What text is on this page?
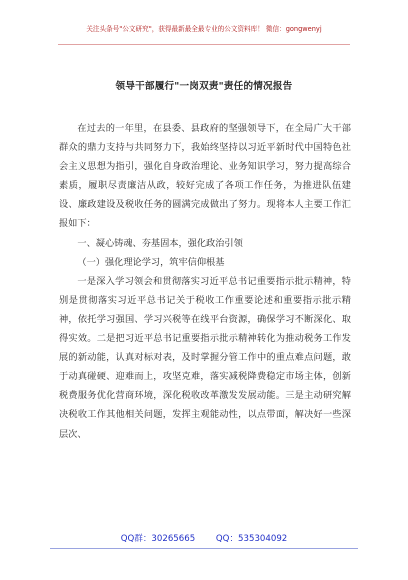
关注头条号"公文研究"，获得最新最全最专业的公文资料库！ 微信：gongwenyj
领导干部履行"一岗双责"责任的情况报告

在过去的一年里，在县委、县政府的坚强领导下，在全局广大干部群众的鼎力支持与共同努力下，我始终坚持以习近平新时代中国特色社会主义思想为指引，强化自身政治理论、业务知识学习，努力提高综合素质，履职尽责廉洁从政，较好完成了各项工作任务，为推进队伍建设、廉政建设及税收任务的圆满完成做出了努力。现将本人主要工作汇报如下：

一、凝心铸魂、夯基固本，强化政治引领

（一）强化理论学习，筑牢信仰根基

一是深入学习领会和贯彻落实习近平总书记重要指示批示精神，特别是贯彻落实习近平总书记关于税收工作重要论述和重要指示批示精神，依托学习强国、学习兴税等在线平台资源，确保学习不断深化、取得实效。二是把习近平总书记重要指示批示精神转化为推动税务工作发展的新动能，认真对标对表，及时掌握分管工作中的重点难点问题，敢于动真碰硬、迎难而上，攻坚克难，落实减税降费稳定市场主体，创新税费服务优化营商环境，深化税收改革激发发展动能。三是主动研究解决税收工作其他相关问题，发挥主观能动性，以点带面，解决好一些深层次、

QQ群：30265665 QQ：535304092
